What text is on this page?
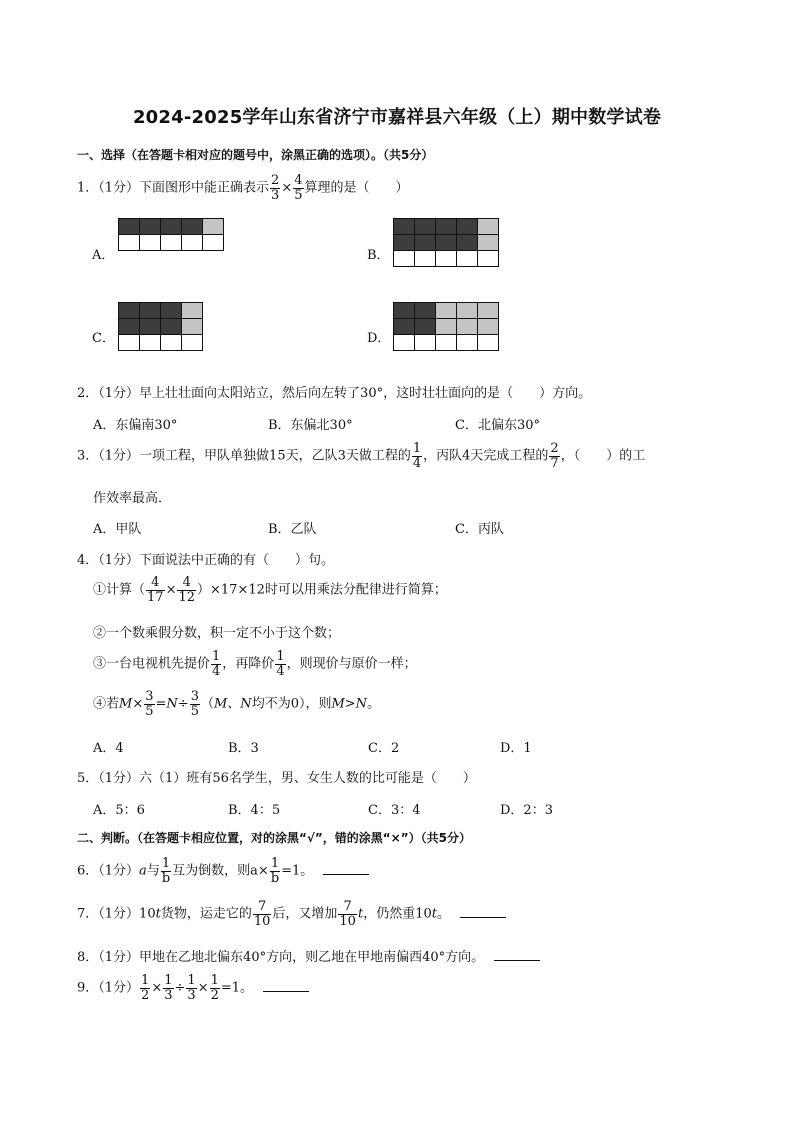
2024-2025学年山东省济宁市嘉祥县六年级（上）期中数学试卷
一、选择（在答题卡相对应的题号中，涂黑正确的选项）。（共5分）
1．（1分）下面图形中能正确表示 $\frac{2}{3} \times \frac{4}{5}$ 算理的是（　　）
A．

					B．

C．

				D．

2．（1分）早上壮壮面向太阳站立，然后向左转了30°，这时壮壮面向的是（　　）方向。
A．东偏南30°	B．东偏北30°	C．北偏东30°
3．（1分）一项工程，甲队单独做15天，乙队3天做工程的 $\frac{1}{4}$ ，丙队4天完成工程的 $\frac{2}{7}$ ，（　　）的工
作效率最高．
A．甲队	B．乙队	C．丙队
4．（1分）下面说法中正确的有（　　）句。
①计算（ $\frac{4}{17} \times \frac{4}{12} )\times 17\times 12$时可以用乘法分配律进行简算；
②一个数乘假分数，积一定不小于这个数；
③一台电视机先提价 $\frac{1}{4}$ ，再降价 $\frac{1}{4}$ ，则现价与原价一样；
④若$M\times \frac{3}{5} =N\div \frac{3}{5} (M$、N均不为0），则M>N。
A．4	B．3	C．2	D．1
5．（1分）六（1）班有56名学生，男、女生人数的比可能是（　　）
A．5：6	B．4：5	C．3：4	D．2：3
二、判断。（在答题卡相应位置，对的涂黑“√”，错的涂黑“×”）（共5分）
6．（1分）a与 $\frac{1}{b}$ 互为倒数，则$a\times \frac{1}{b} =1$。
7．（1分）10t货物，运走它的 $\frac{7}{10}$ 后，又增加 $\frac{7}{10}$ t，仍然重10t。
8．（1分）甲地在乙地北偏东40°方向，则乙地在甲地南偏西40°方向。
9．（1分） $\frac{1}{2} \times \frac{1}{3} \div \frac{1}{3} \times \frac{1}{2} =1$。
